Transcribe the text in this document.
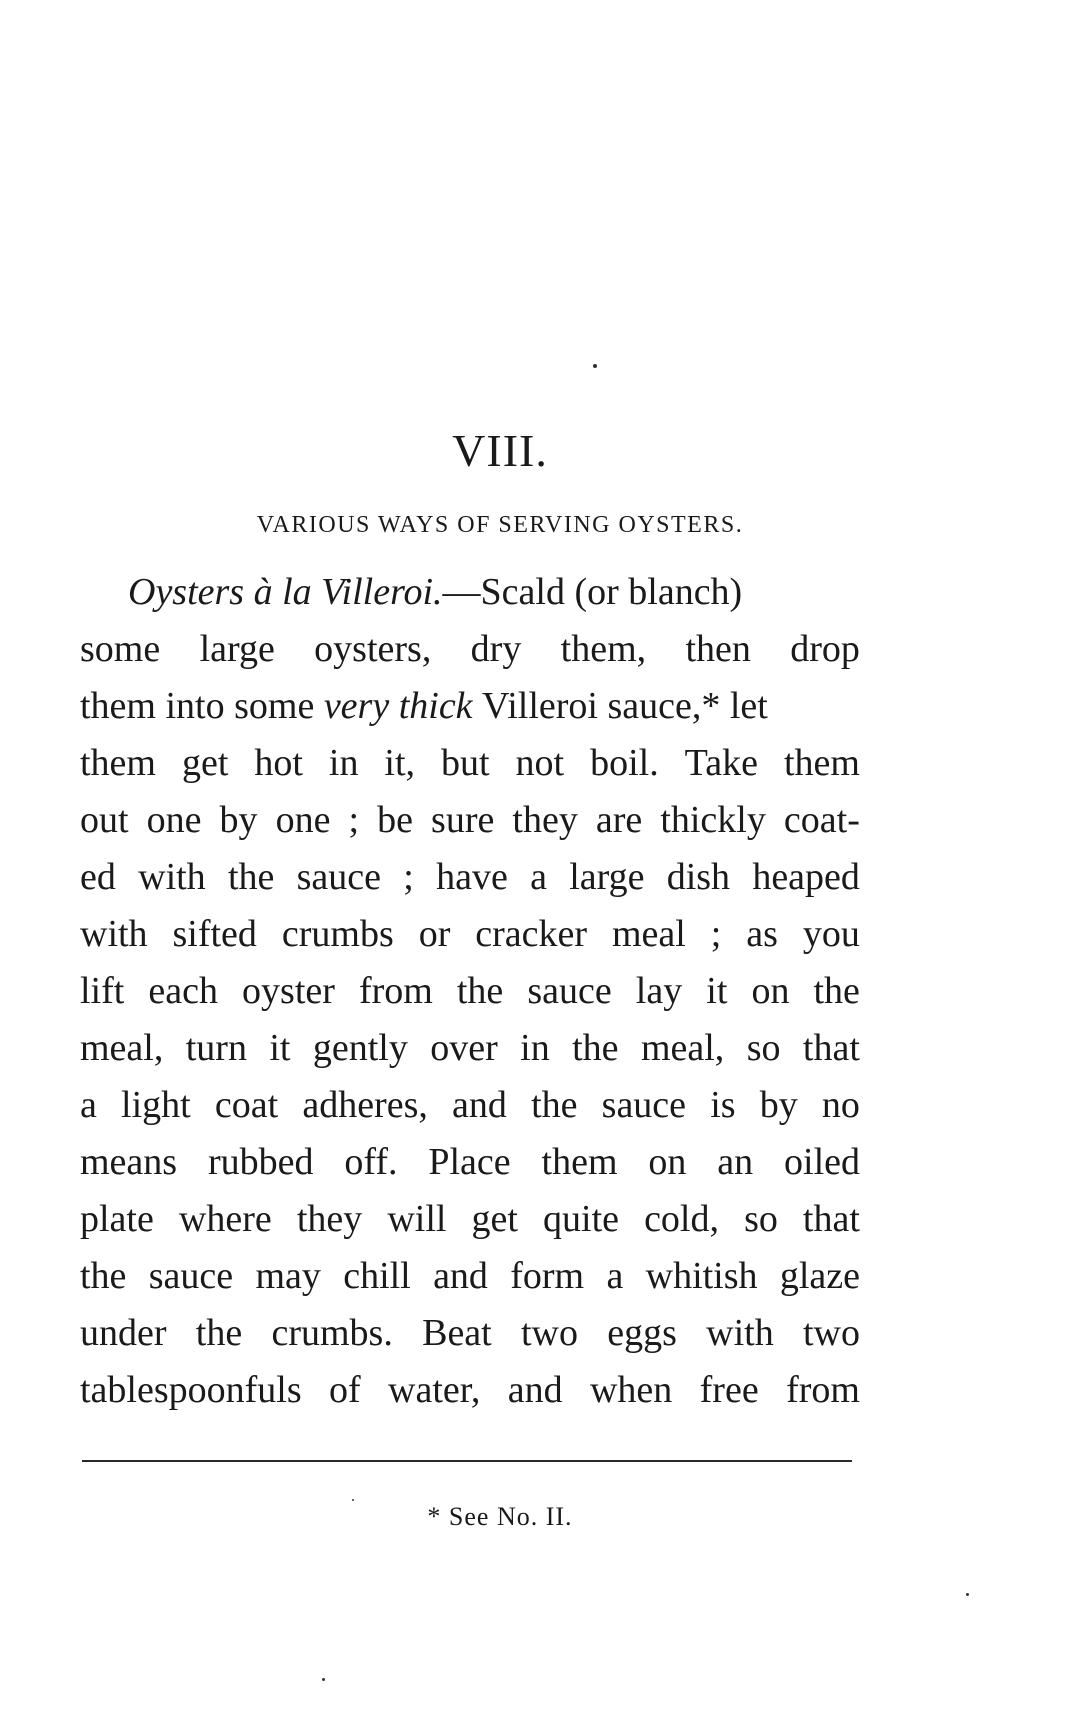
VIII.
VARIOUS WAYS OF SERVING OYSTERS.
Oysters à la Villeroi.—Scald (or blanch)
some large oysters, dry them, then drop
them into some very thick Villeroi sauce,* let
them get hot in it, but not boil. Take them
out one by one ; be sure they are thickly coat-
ed with the sauce ; have a large dish heaped
with sifted crumbs or cracker meal ; as you
lift each oyster from the sauce lay it on the
meal, turn it gently over in the meal, so that
a light coat adheres, and the sauce is by no
means rubbed off. Place them on an oiled
plate where they will get quite cold, so that
the sauce may chill and form a whitish glaze
under the crumbs. Beat two eggs with two
tablespoonfuls of water, and when free from
* See No. II.
